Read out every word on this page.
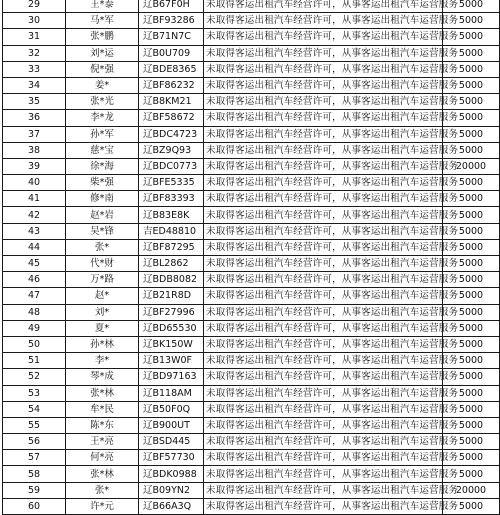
29	王*泰	辽B67F0H	未取得客运出租汽车经营许可，从事客运出租汽车运营服务	5000
30	马*军	辽BF93286	未取得客运出租汽车经营许可，从事客运出租汽车运营服务	5000
31	张*鹏	辽B71N7C	未取得客运出租汽车经营许可，从事客运出租汽车运营服务	5000
32	刘*运	辽B0U709	未取得客运出租汽车经营许可，从事客运出租汽车运营服务	5000
33	倪*强	辽BDE8365	未取得客运出租汽车经营许可，从事客运出租汽车运营服务	5000
34	姜*	辽BF86232	未取得客运出租汽车经营许可，从事客运出租汽车运营服务	5000
35	张*光	辽B8KM21	未取得客运出租汽车经营许可，从事客运出租汽车运营服务	5000
36	李*龙	辽BF58672	未取得客运出租汽车经营许可，从事客运出租汽车运营服务	5000
37	孙*军	辽BDC4723	未取得客运出租汽车经营许可，从事客运出租汽车运营服务	5000
38	慈*宝	辽BZ9Q93	未取得客运出租汽车经营许可，从事客运出租汽车运营服务	5000
39	徐*海	辽BDC0773	未取得客运出租汽车经营许可，从事客运出租汽车运营服务	20000
40	柴*强	辽BFE5335	未取得客运出租汽车经营许可，从事客运出租汽车运营服务	5000
41	修*南	辽BF83393	未取得客运出租汽车经营许可，从事客运出租汽车运营服务	5000
42	赵*岩	辽B83E8K	未取得客运出租汽车经营许可，从事客运出租汽车运营服务	5000
43	吴*锋	吉ED48810	未取得客运出租汽车经营许可，从事客运出租汽车运营服务	5000
44	张*	辽BF87295	未取得客运出租汽车经营许可，从事客运出租汽车运营服务	5000
45	代*财	辽BL2862	未取得客运出租汽车经营许可，从事客运出租汽车运营服务	5000
46	万*路	辽BDB8082	未取得客运出租汽车经营许可，从事客运出租汽车运营服务	5000
47	赵*	辽B21R8D	未取得客运出租汽车经营许可，从事客运出租汽车运营服务	5000
48	刘*	辽BF27996	未取得客运出租汽车经营许可，从事客运出租汽车运营服务	5000
49	夏*	辽BD65530	未取得客运出租汽车经营许可，从事客运出租汽车运营服务	5000
50	孙*林	辽BK150W	未取得客运出租汽车经营许可，从事客运出租汽车运营服务	5000
51	李*	辽B13W0F	未取得客运出租汽车经营许可，从事客运出租汽车运营服务	5000
52	琴*成	辽BD97163	未取得客运出租汽车经营许可，从事客运出租汽车运营服务	5000
53	张*林	辽B118AM	未取得客运出租汽车经营许可，从事客运出租汽车运营服务	5000
54	牟*民	辽B50F0Q	未取得客运出租汽车经营许可，从事客运出租汽车运营服务	5000
55	陈*东	辽B900UT	未取得客运出租汽车经营许可，从事客运出租汽车运营服务	5000
56	王*亮	辽BSD445	未取得客运出租汽车经营许可，从事客运出租汽车运营服务	5000
57	何*亮	辽BF57730	未取得客运出租汽车经营许可，从事客运出租汽车运营服务	5000
58	张*林	辽BDK0988	未取得客运出租汽车经营许可，从事客运出租汽车运营服务	5000
59	张*	辽B09YN2	未取得客运出租汽车经营许可，从事客运出租汽车运营服务	20000
60	许*元	辽B66A3Q	未取得客运出租汽车经营许可，从事客运出租汽车运营服务	5000
